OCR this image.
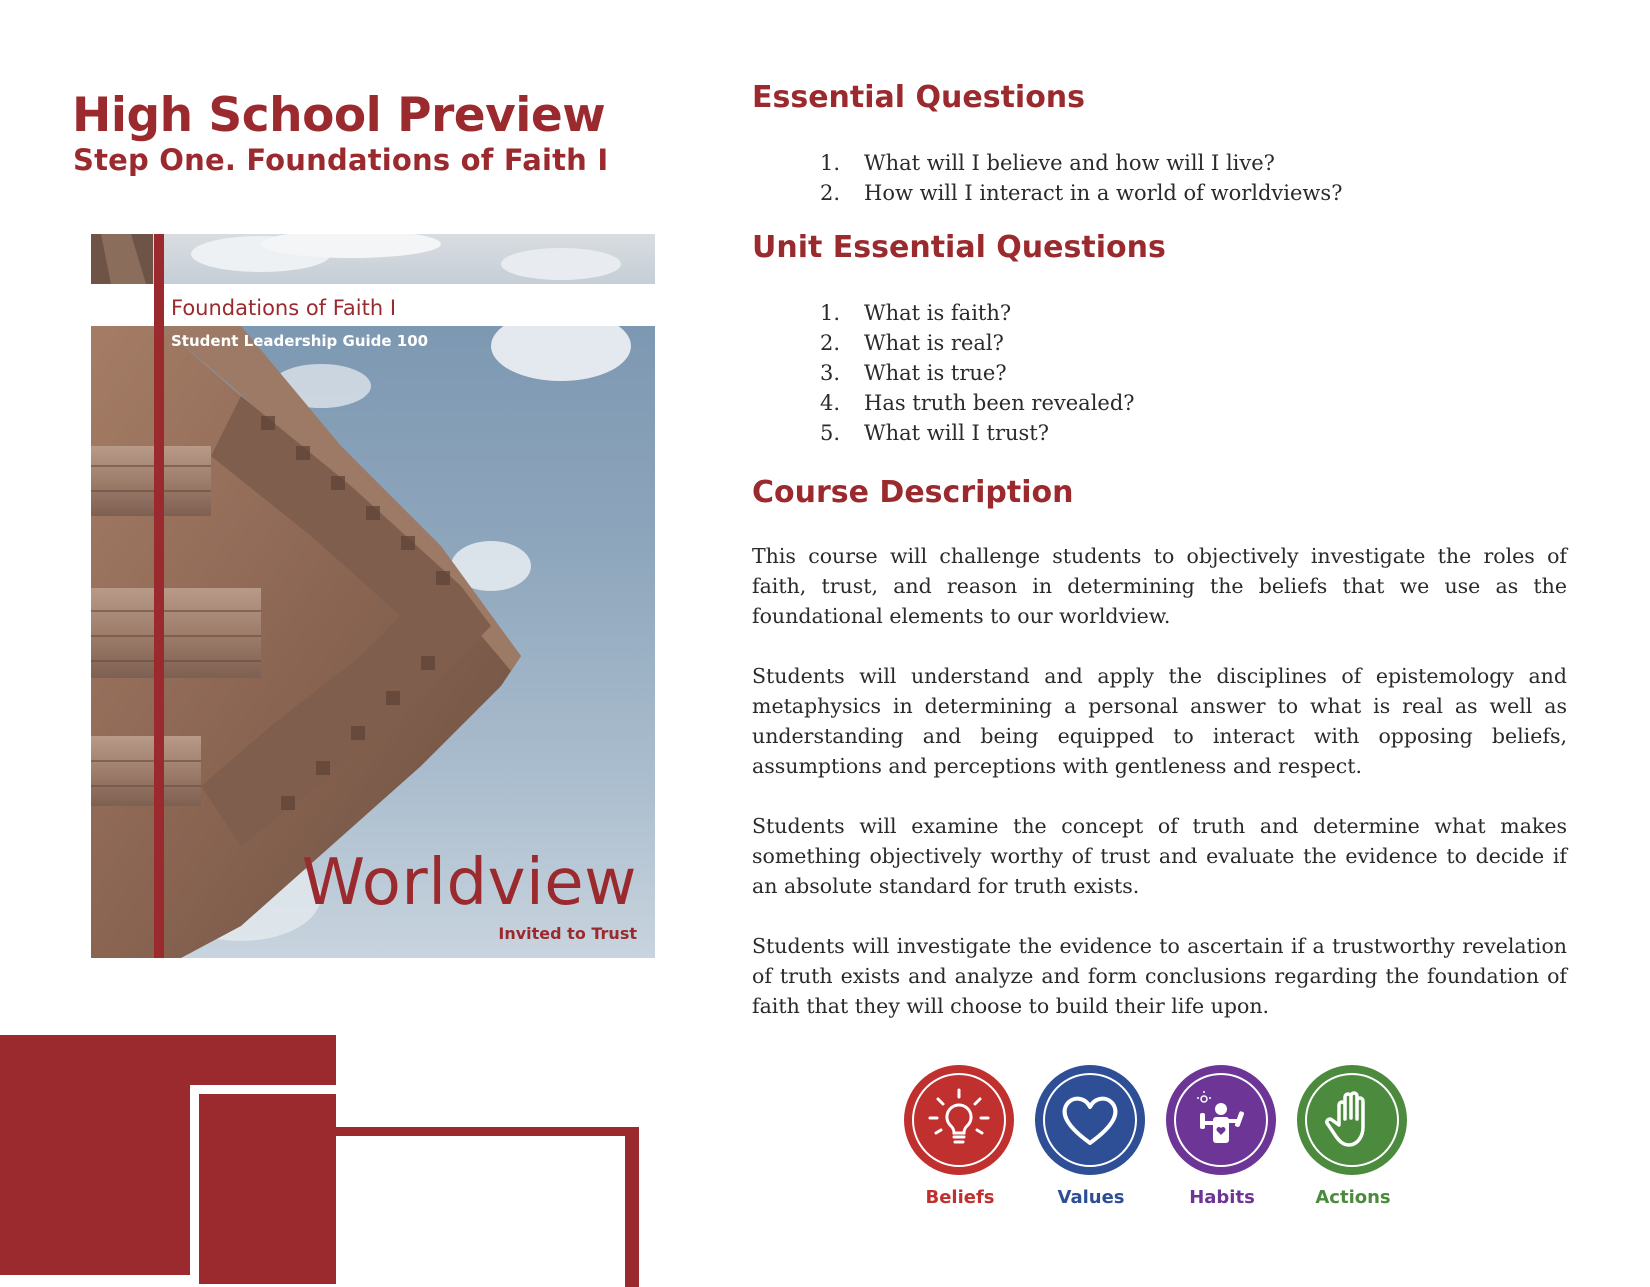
High School Preview
Step One. Foundations of Faith I

Foundations of Faith I

Student Leadership Guide 100

Worldview

Invited to Trust

Essential Questions
1. What will I believe and how will I live?
2. How will I interact in a world of worldviews?
Unit Essential Questions
1. What is faith?
2. What is real?
3. What is true?
4. Has truth been revealed?
5. What will I trust?
Course Description

This course will challenge students to objectively investigate the roles of faith, trust, and reason in determining the beliefs that we use as the foundational elements to our worldview.

Students will understand and apply the disciplines of epistemology and metaphysics in determining a personal answer to what is real as well as understanding and being equipped to interact with opposing beliefs, assumptions and perceptions with gentleness and respect.

Students will examine the concept of truth and determine what makes something objectively worthy of trust and evaluate the evidence to decide if an absolute standard for truth exists.

Students will investigate the evidence to ascertain if a trustworthy revelation of truth exists and analyze and form conclusions regarding the foundation of faith that they will choose to build their life upon.

Beliefs	Values	Habits	Actions
